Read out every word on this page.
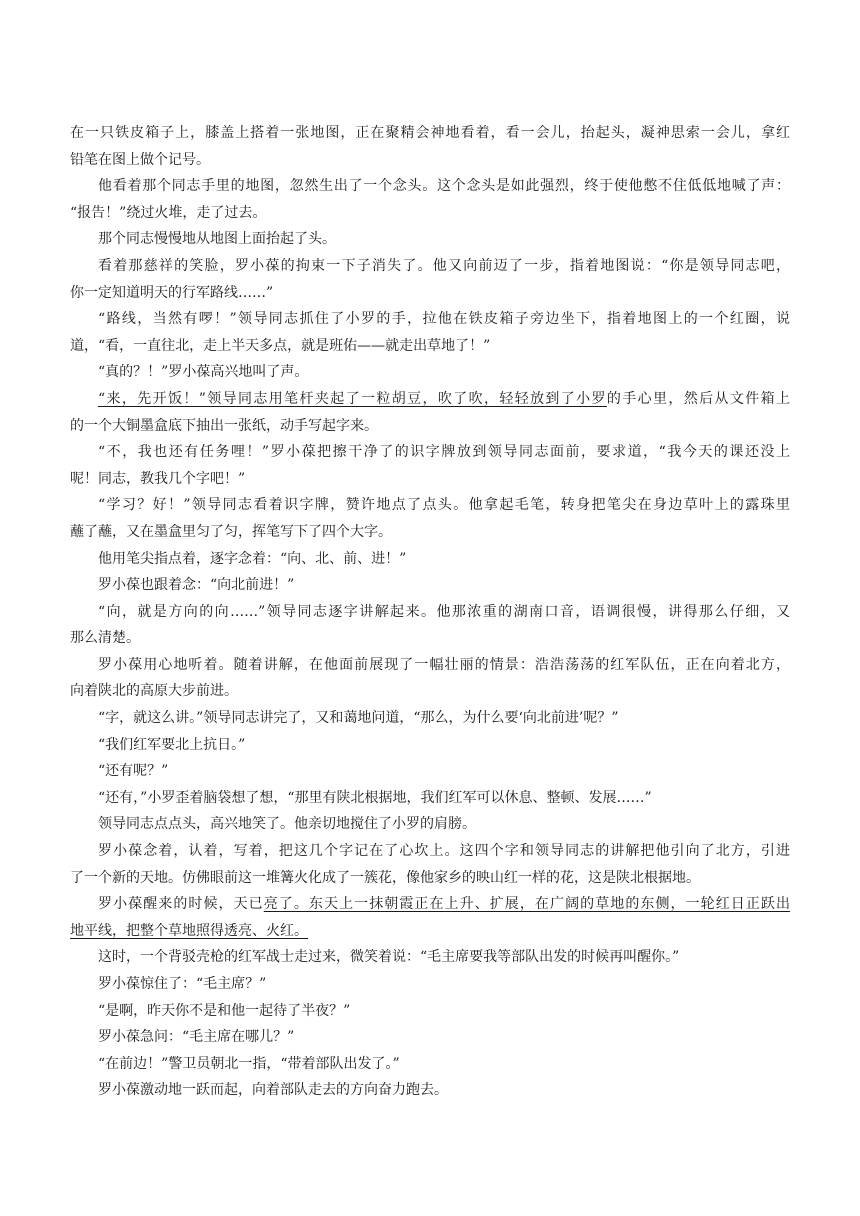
在一只铁皮箱子上，膝盖上搭着一张地图，正在聚精会神地看着，看一会儿，抬起头，凝神思索一会儿，拿红
铅笔在图上做个记号。
他看着那个同志手里的地图，忽然生出了一个念头。这个念头是如此强烈，终于使他憋不住低低地喊了声：
“报告！”绕过火堆，走了过去。
那个同志慢慢地从地图上面抬起了头。
看着那慈祥的笑脸，罗小葆的拘束一下子消失了。他又向前迈了一步，指着地图说：“你是领导同志吧，
你一定知道明天的行军路线……”
“路线，当然有啰！”领导同志抓住了小罗的手，拉他在铁皮箱子旁边坐下，指着地图上的一个红圈，说
道，“看，一直往北，走上半天多点，就是班佑——就走出草地了！”
“真的？！”罗小葆高兴地叫了声。
“来，先开饭！”领导同志用笔杆夹起了一粒胡豆，吹了吹，轻轻放到了小罗的手心里，然后从文件箱上
的一个大铜墨盒底下抽出一张纸，动手写起字来。
“不，我也还有任务哩！”罗小葆把擦干净了的识字牌放到领导同志面前，要求道，“我今天的课还没上
呢！同志，教我几个字吧！”
“学习？好！”领导同志看着识字牌，赞许地点了点头。他拿起毛笔，转身把笔尖在身边草叶上的露珠里
蘸了蘸，又在墨盒里匀了匀，挥笔写下了四个大字。
他用笔尖指点着，逐字念着：“向、北、前、进！”
罗小葆也跟着念：“向北前进！”
“向，就是方向的向……”领导同志逐字讲解起来。他那浓重的湖南口音，语调很慢，讲得那么仔细，又
那么清楚。
罗小葆用心地听着。随着讲解，在他面前展现了一幅壮丽的情景：浩浩荡荡的红军队伍，正在向着北方，
向着陕北的高原大步前进。
“字，就这么讲。”领导同志讲完了，又和蔼地问道，“那么，为什么要‘向北前进’呢？”
“我们红军要北上抗日。”
“还有呢？”
“还有，”小罗歪着脑袋想了想，“那里有陕北根据地，我们红军可以休息、整顿、发展……”
领导同志点点头，高兴地笑了。他亲切地搅住了小罗的肩膀。
罗小葆念着，认着，写着，把这几个字记在了心坎上。这四个字和领导同志的讲解把他引向了北方，引进
了一个新的天地。仿佛眼前这一堆篝火化成了一簇花，像他家乡的映山红一样的花，这是陕北根据地。
罗小葆醒来的时候，天已亮了。东天上一抹朝霞正在上升、扩展，在广阔的草地的东侧，一轮红日正跃出
地平线，把整个草地照得透亮、火红。
这时，一个背驳壳枪的红军战士走过来，微笑着说：“毛主席要我等部队出发的时候再叫醒你。”
罗小葆惊住了：“毛主席？”
“是啊，昨天你不是和他一起待了半夜？”
罗小葆急问：“毛主席在哪儿？”
“在前边！”警卫员朝北一指，“带着部队出发了。”
罗小葆激动地一跃而起，向着部队走去的方向奋力跑去。
